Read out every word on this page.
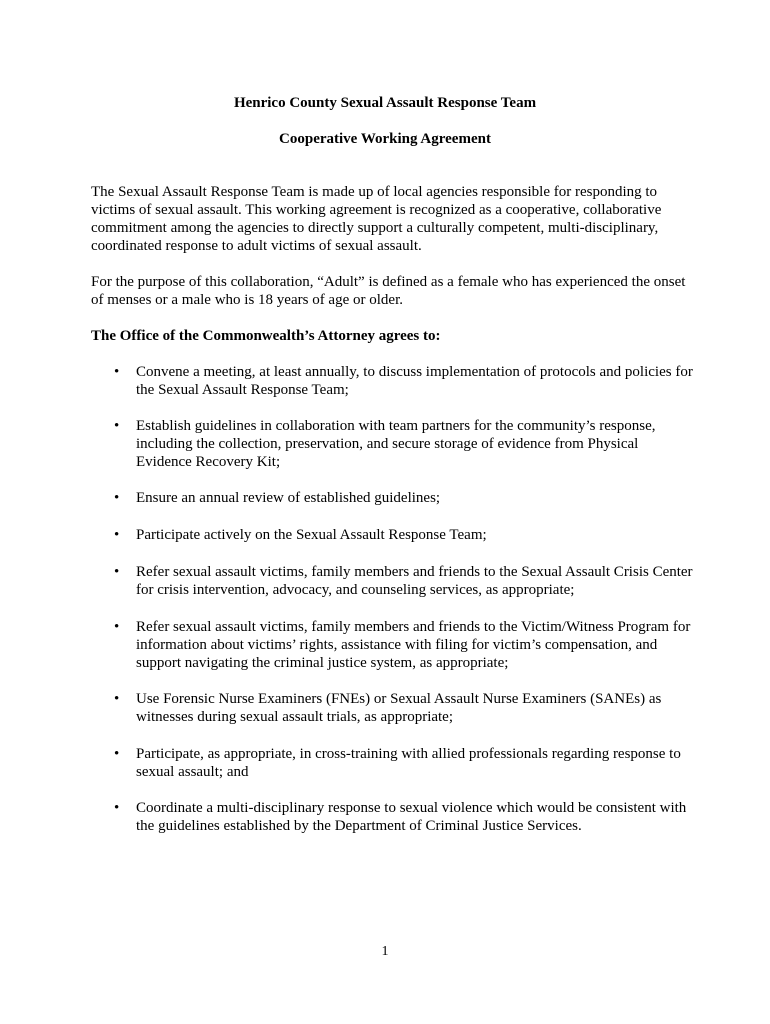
Henrico County Sexual Assault Response Team
Cooperative Working Agreement

The Sexual Assault Response Team is made up of local agencies responsible for responding to victims of sexual assault. This working agreement is recognized as a cooperative, collaborative commitment among the agencies to directly support a culturally competent, multi-disciplinary, coordinated response to adult victims of sexual assault.

For the purpose of this collaboration, “Adult” is defined as a female who has experienced the onset of menses or a male who is 18 years of age or older.

The Office of the Commonwealth’s Attorney agrees to:

•	Convene a meeting, at least annually, to discuss implementation of protocols and policies for the Sexual Assault Response Team;
•	Establish guidelines in collaboration with team partners for the community’s response, including the collection, preservation, and secure storage of evidence from Physical Evidence Recovery Kit;
•	Ensure an annual review of established guidelines;
•	Participate actively on the Sexual Assault Response Team;
•	Refer sexual assault victims, family members and friends to the Sexual Assault Crisis Center for crisis intervention, advocacy, and counseling services, as appropriate;
•	Refer sexual assault victims, family members and friends to the Victim/Witness Program for information about victims’ rights, assistance with filing for victim’s compensation, and support navigating the criminal justice system, as appropriate;
•	Use Forensic Nurse Examiners (FNEs) or Sexual Assault Nurse Examiners (SANEs) as witnesses during sexual assault trials, as appropriate;
•	Participate, as appropriate, in cross-training with allied professionals regarding response to sexual assault; and
•	Coordinate a multi-disciplinary response to sexual violence which would be consistent with the guidelines established by the Department of Criminal Justice Services.
1
